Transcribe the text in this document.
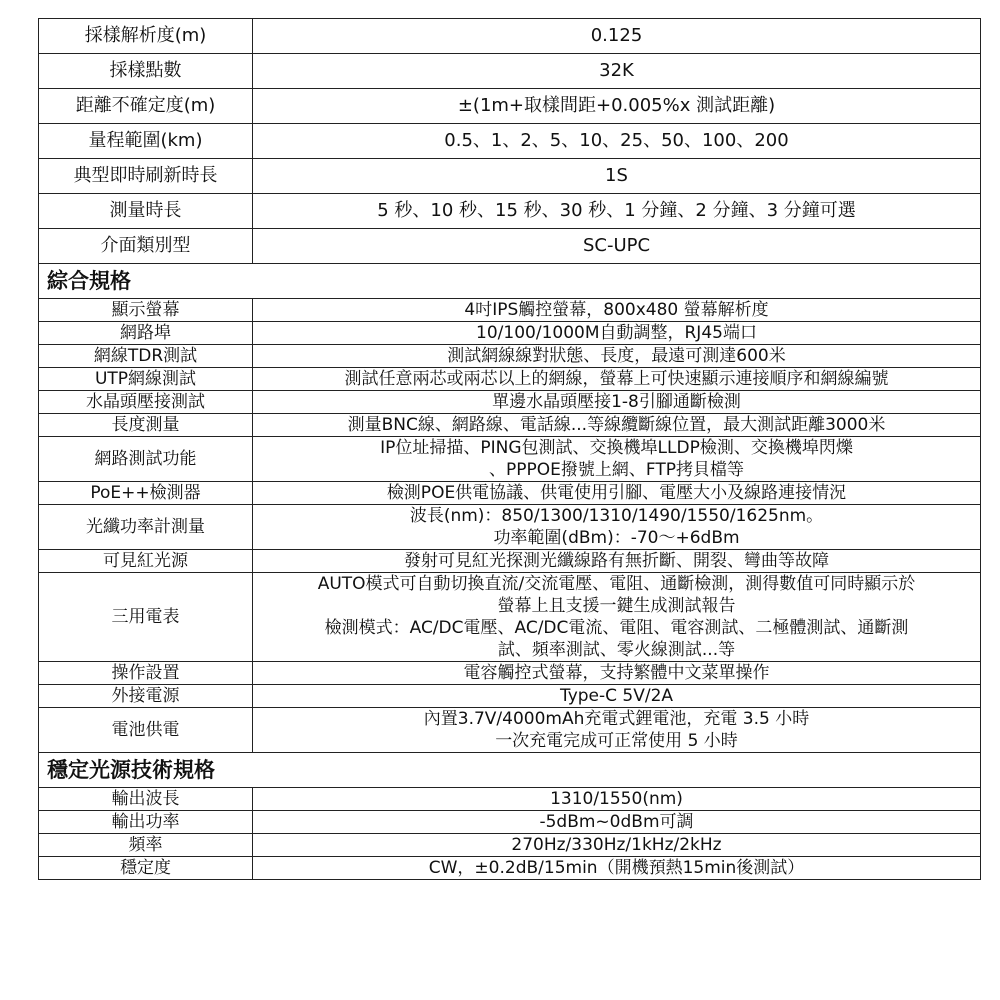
採樣解析度(m)	0.125
採樣點數	32K
距離不確定度(m)	±(1m+取樣間距+0.005%x 測試距離)
量程範圍(km)	0.5、1、2、5、10、25、50、100、200
典型即時刷新時長	1S
測量時長	5 秒、10 秒、15 秒、30 秒、1 分鐘、2 分鐘、3 分鐘可選
介面類別型	SC-UPC
綜合規格	
顯示螢幕	4吋IPS觸控螢幕，800x480 螢幕解析度

網路埠	10/100/1000M自動調整，RJ45端口

網線TDR測試	測試網線線對狀態、長度，最遠可測達600米

UTP網線測試	測試任意兩芯或兩芯以上的網線，螢幕上可快速顯示連接順序和網線編號

水晶頭壓接測試	單邊水晶頭壓接1-8引腳通斷檢測

長度測量	測量BNC線、網路線、電話線...等線纜斷線位置，最大測試距離3000米

網路測試功能	IP位址掃描、PING包測試、交換機埠LLDP檢測、交換機埠閃爍
、PPPOE撥號上網、FTP拷貝檔等

PoE++檢測器	檢測POE供電協議、供電使用引腳、電壓大小及線路連接情況

光纖功率計測量	波長(nm)：850/1300/1310/1490/1550/1625nm。
功率範圍(dBm)：-70～+6dBm

可見紅光源	發射可見紅光探測光纖線路有無折斷、開裂、彎曲等故障

三用電表	AUTO模式可自動切換直流/交流電壓、電阻、通斷檢測，測得數值可同時顯示於
螢幕上且支援一鍵生成測試報告
檢測模式：AC/DC電壓、AC/DC電流、電阻、電容測試、二極體測試、通斷測
試、頻率測試、零火線測試...等

操作設置	電容觸控式螢幕，支持繁體中文菜單操作

外接電源	Type-C 5V/2A

電池供電	內置3.7V/4000mAh充電式鋰電池，充電 3.5 小時
一次充電完成可正常使用 5 小時

穩定光源技術規格	
輸出波長	1310/1550(nm)
輸出功率	-5dBm~0dBm可調
頻率	270Hz/330Hz/1kHz/2kHz
穩定度	CW，±0.2dB/15min（開機預熱15min後測試）
